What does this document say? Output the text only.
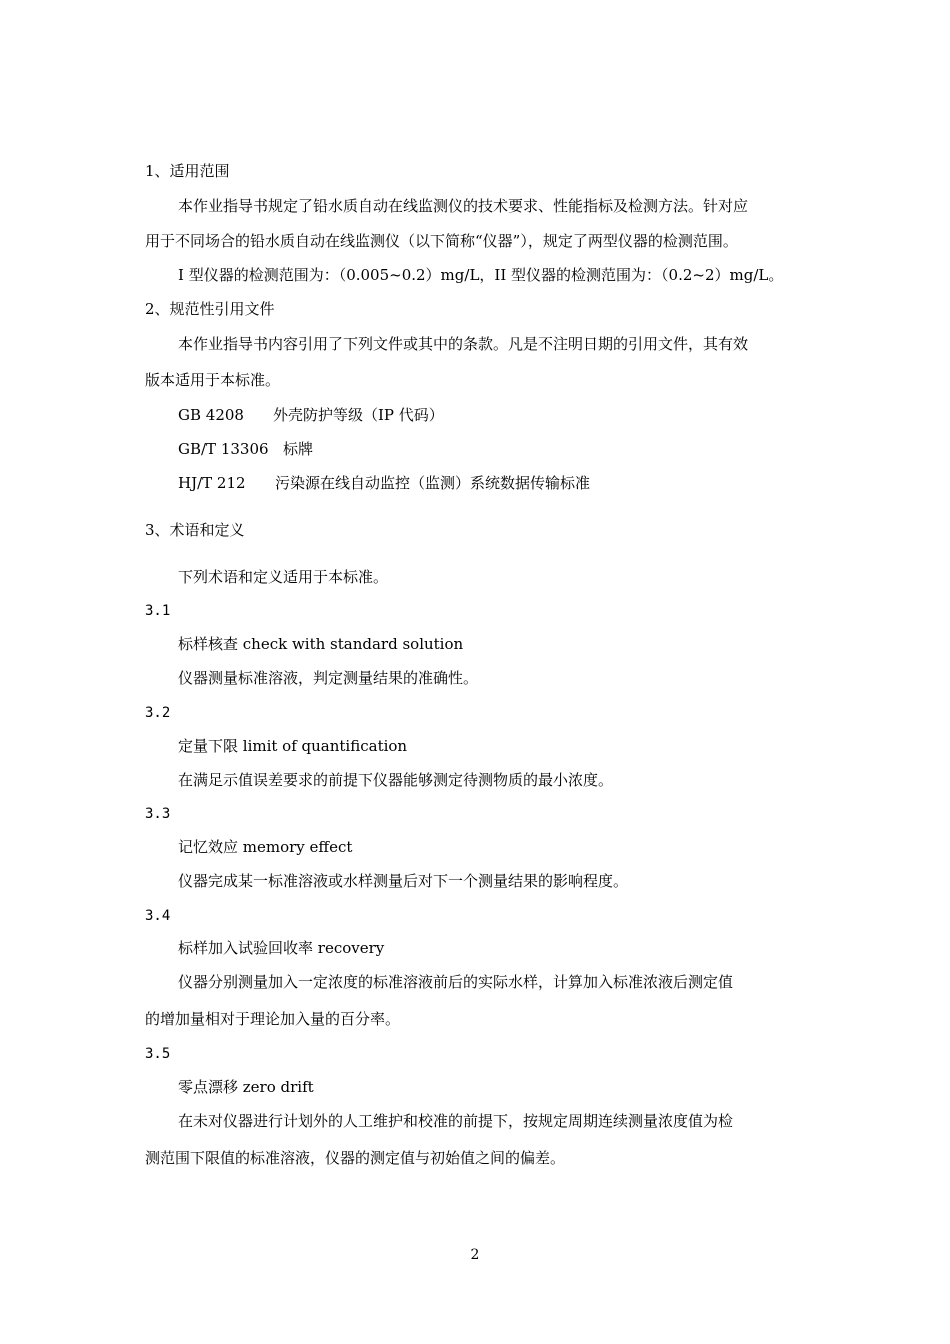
1、适用范围
本作业指导书规定了铅水质自动在线监测仪的技术要求、性能指标及检测方法。针对应
用于不同场合的铅水质自动在线监测仪（以下简称“仪器”），规定了两型仪器的检测范围。
I 型仪器的检测范围为：（0.005~0.2）mg/L，II 型仪器的检测范围为：（0.2~2）mg/L。
2、规范性引用文件
本作业指导书内容引用了下列文件或其中的条款。凡是不注明日期的引用文件，其有效
版本适用于本标准。
GB 4208 外壳防护等级（IP 代码）
GB/T 13306 标牌
HJ/T 212 污染源在线自动监控（监测）系统数据传输标准
3、术语和定义
下列术语和定义适用于本标准。
3.1
标样核查 check with standard solution
仪器测量标准溶液，判定测量结果的准确性。
3.2
定量下限 limit of quantification
在满足示值误差要求的前提下仪器能够测定待测物质的最小浓度。
3.3
记忆效应 memory effect
仪器完成某一标准溶液或水样测量后对下一个测量结果的影响程度。
3.4
标样加入试验回收率 recovery
仪器分别测量加入一定浓度的标准溶液前后的实际水样，计算加入标准浓液后测定值
的增加量相对于理论加入量的百分率。
3.5
零点漂移 zero drift
在未对仪器进行计划外的人工维护和校准的前提下，按规定周期连续测量浓度值为检
测范围下限值的标准溶液，仪器的测定值与初始值之间的偏差。
2
